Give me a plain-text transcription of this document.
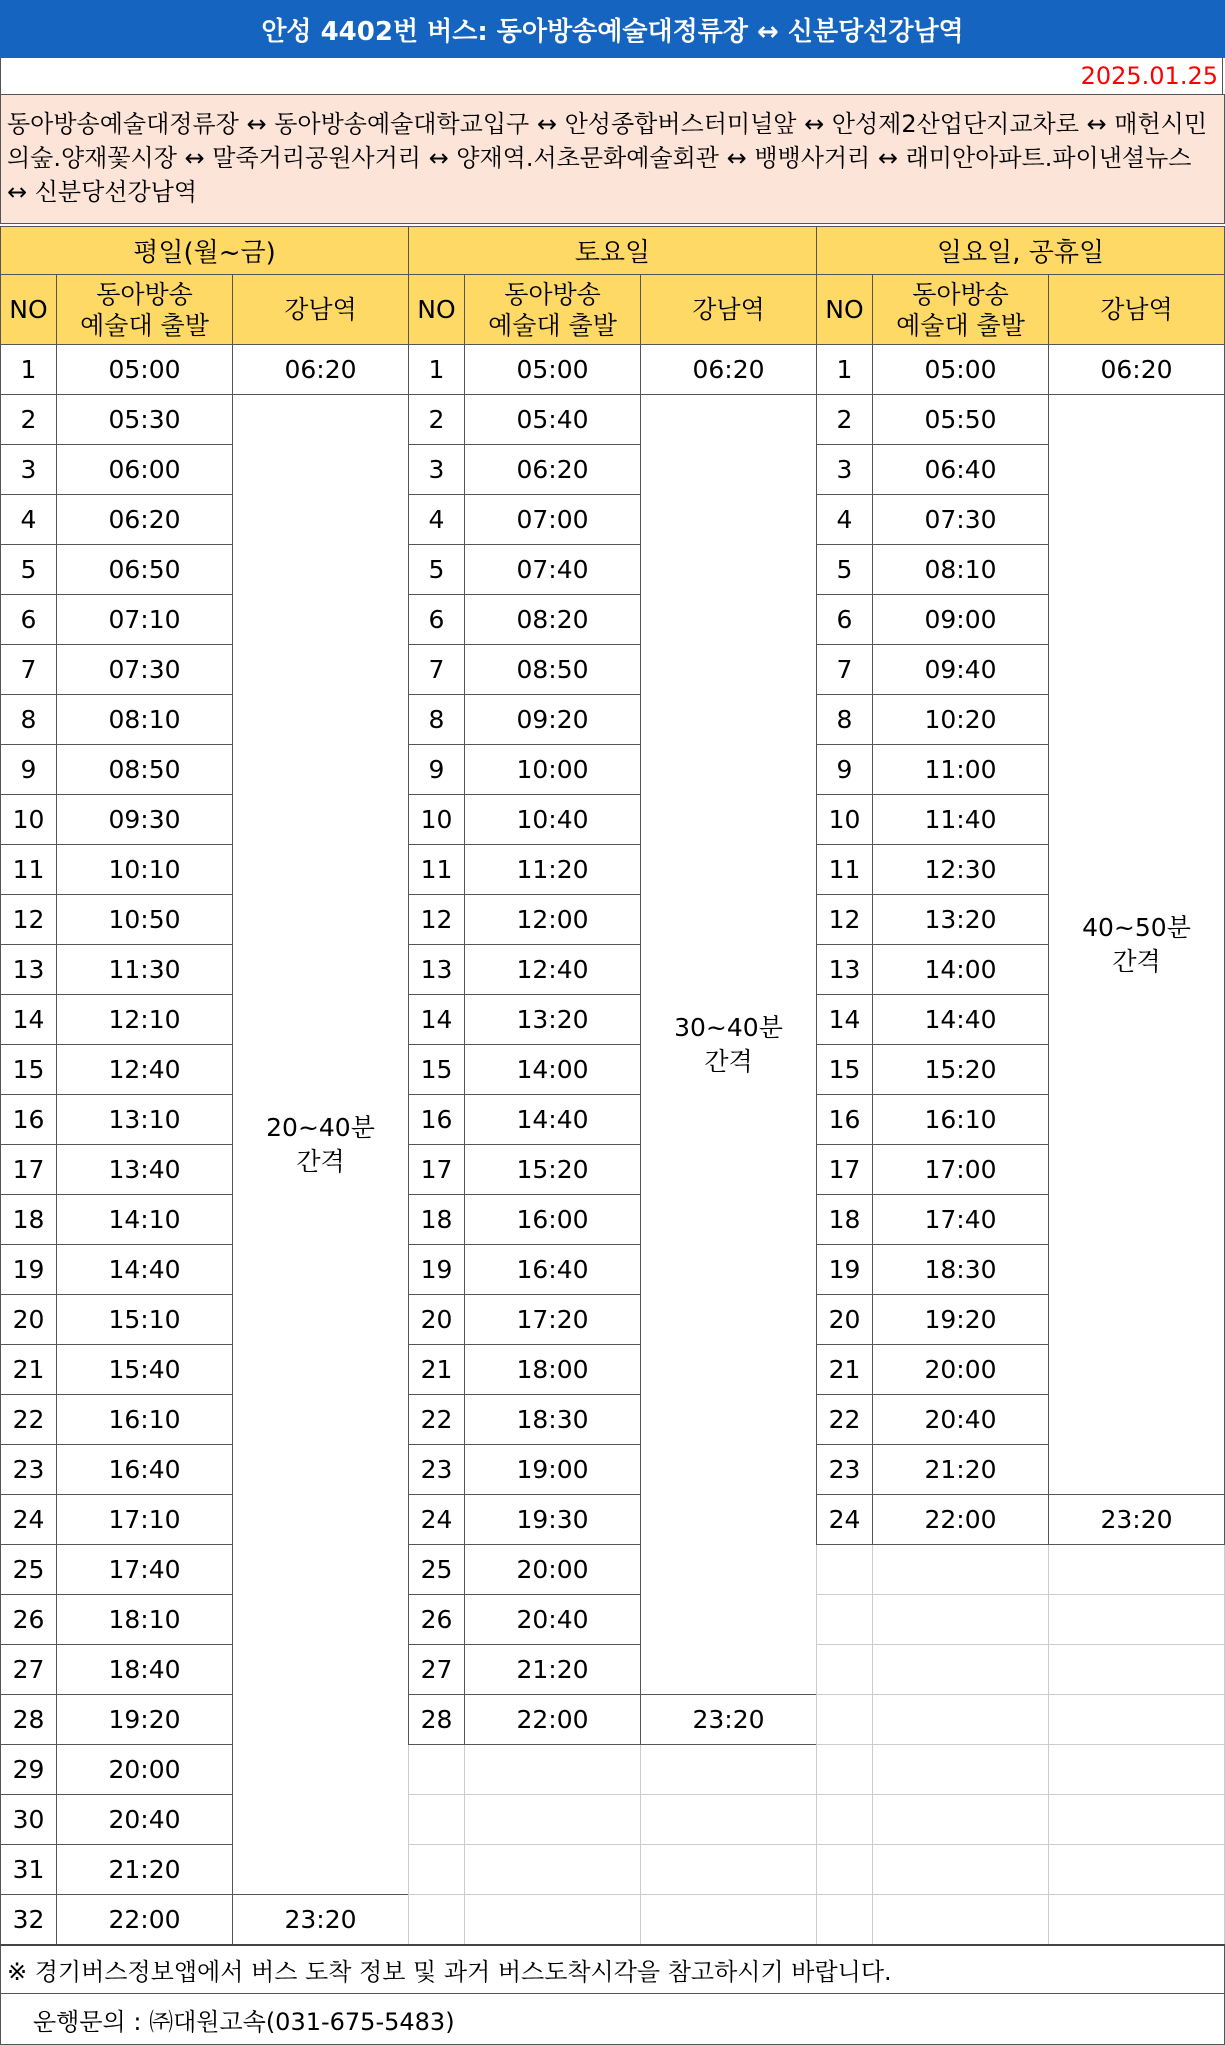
안성 4402번 버스: 동아방송예술대정류장 ↔ 신분당선강남역
2025.01.25
동아방송예술대정류장 ↔ 동아방송예술대학교입구 ↔ 안성종합버스터미널앞 ↔ 안성제2산업단지교차로 ↔ 매헌시민의숲.양재꽃시장 ↔ 말죽거리공원사거리 ↔ 양재역.서초문화예술회관 ↔ 뱅뱅사거리 ↔ 래미안아파트.파이낸셜뉴스 ↔ 신분당선강남역
평일(월~금)		
NO	동아방송
예술대 출발	강남역
1	05:00	06:20
2	05:30	20~40분
간격
3	06:00	
4	06:20	
5	06:50	
6	07:10	
7	07:30	
8	08:10	
9	08:50	
10	09:30	
11	10:10	
12	10:50	
13	11:30	
14	12:10	
15	12:40	
16	13:10	
17	13:40	
18	14:10	
19	14:40	
20	15:10	
21	15:40	
22	16:10	
23	16:40	
24	17:10	
25	17:40	
26	18:10	
27	18:40	
28	19:20	
29	20:00	
30	20:40	
31	21:20	
32	22:00	23:20
토요일		
NO	동아방송
예술대 출발	강남역
1	05:00	06:20
2	05:40	30~40분
간격
3	06:20	
4	07:00	
5	07:40	
6	08:20	
7	08:50	
8	09:20	
9	10:00	
10	10:40	
11	11:20	
12	12:00	
13	12:40	
14	13:20	
15	14:00	
16	14:40	
17	15:20	
18	16:00	
19	16:40	
20	17:20	
21	18:00	
22	18:30	
23	19:00	
24	19:30	
25	20:00	
26	20:40	
27	21:20	
28	22:00	23:20

일요일, 공휴일		
NO	동아방송
예술대 출발	강남역
1	05:00	06:20
2	05:50	40~50분
간격
3	06:40	
4	07:30	
5	08:10	
6	09:00	
7	09:40	
8	10:20	
9	11:00	
10	11:40	
11	12:30	
12	13:20	
13	14:00	
14	14:40	
15	15:20	
16	16:10	
17	17:00	
18	17:40	
19	18:30	
20	19:20	
21	20:00	
22	20:40	
23	21:20	
24	22:00	23:20

※ 경기버스정보앱에서 버스 도착 정보 및 과거 버스도착시각을 참고하시기 바랍니다.
운행문의 : ㈜대원고속(031-675-5483)
